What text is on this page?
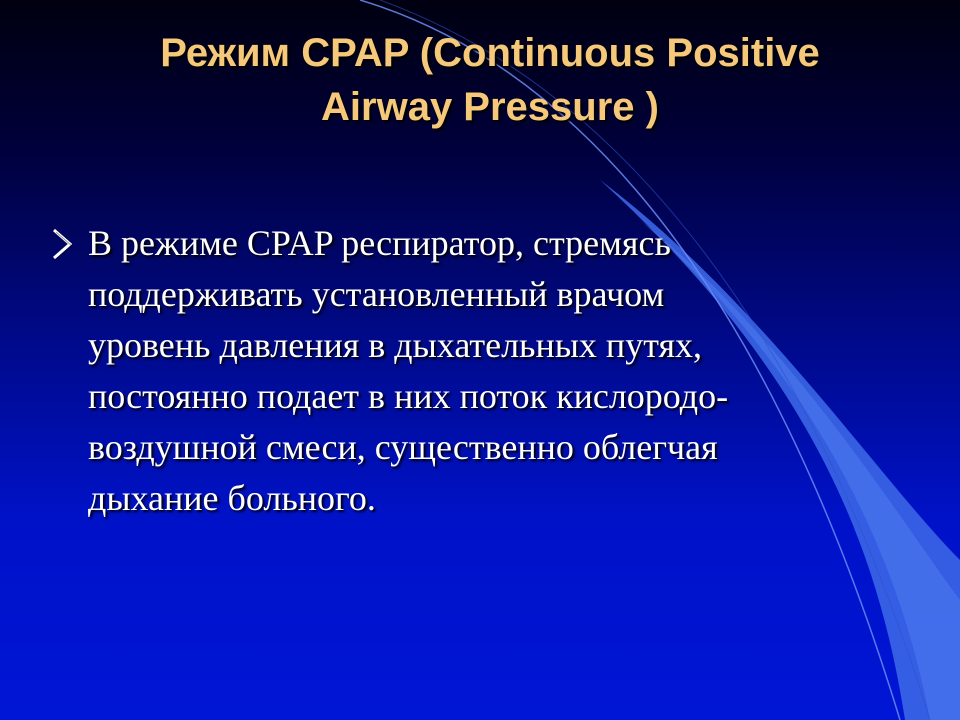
Режим CPAP (Continuous Positive
Airway Pressure )
В режиме CPAP респиратор, стремясь
поддерживать установленный врачом
уровень давления в дыхательных путях,
постоянно подает в них поток кислородо-
воздушной смеси, существенно облегчая
дыхание больного.
